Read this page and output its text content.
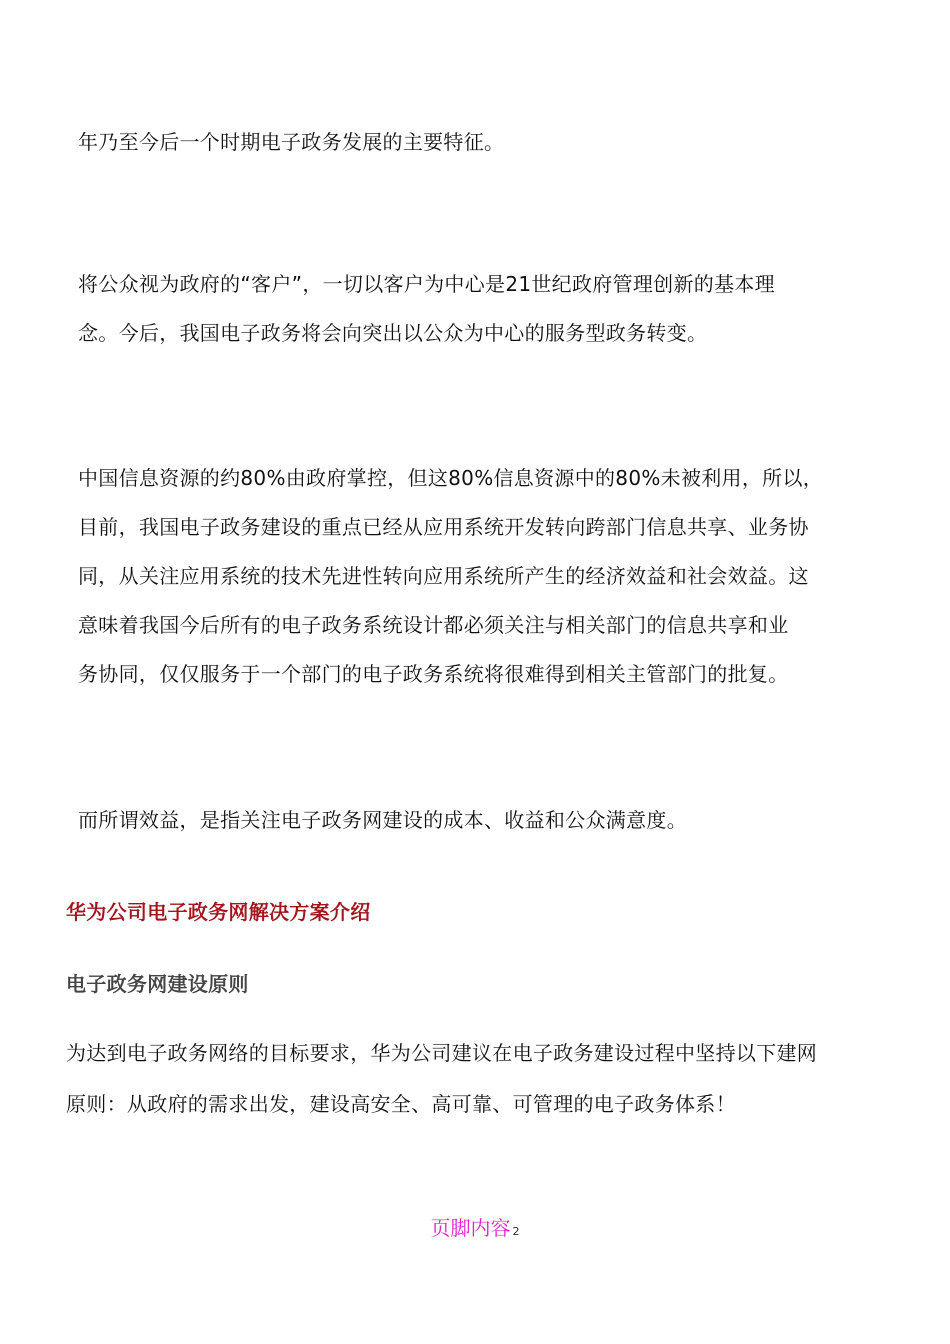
年乃至今后一个时期电子政务发展的主要特征。

将公众视为政府的“客户”，一切以客户为中心是21世纪政府管理创新的基本理
念。今后，我国电子政务将会向突出以公众为中心的服务型政务转变。

中国信息资源的约80%由政府掌控，但这80%信息资源中的80%未被利用，所以，
目前，我国电子政务建设的重点已经从应用系统开发转向跨部门信息共享、业务协
同，从关注应用系统的技术先进性转向应用系统所产生的经济效益和社会效益。这
意味着我国今后所有的电子政务系统设计都必须关注与相关部门的信息共享和业
务协同，仅仅服务于一个部门的电子政务系统将很难得到相关主管部门的批复。

而所谓效益，是指关注电子政务网建设的成本、收益和公众满意度。

华为公司电子政务网解决方案介绍
电子政务网建设原则

为达到电子政务网络的目标要求，华为公司建议在电子政务建设过程中坚持以下建网
原则：从政府的需求出发，建设高安全、高可靠、可管理的电子政务体系！

页脚内容 2
